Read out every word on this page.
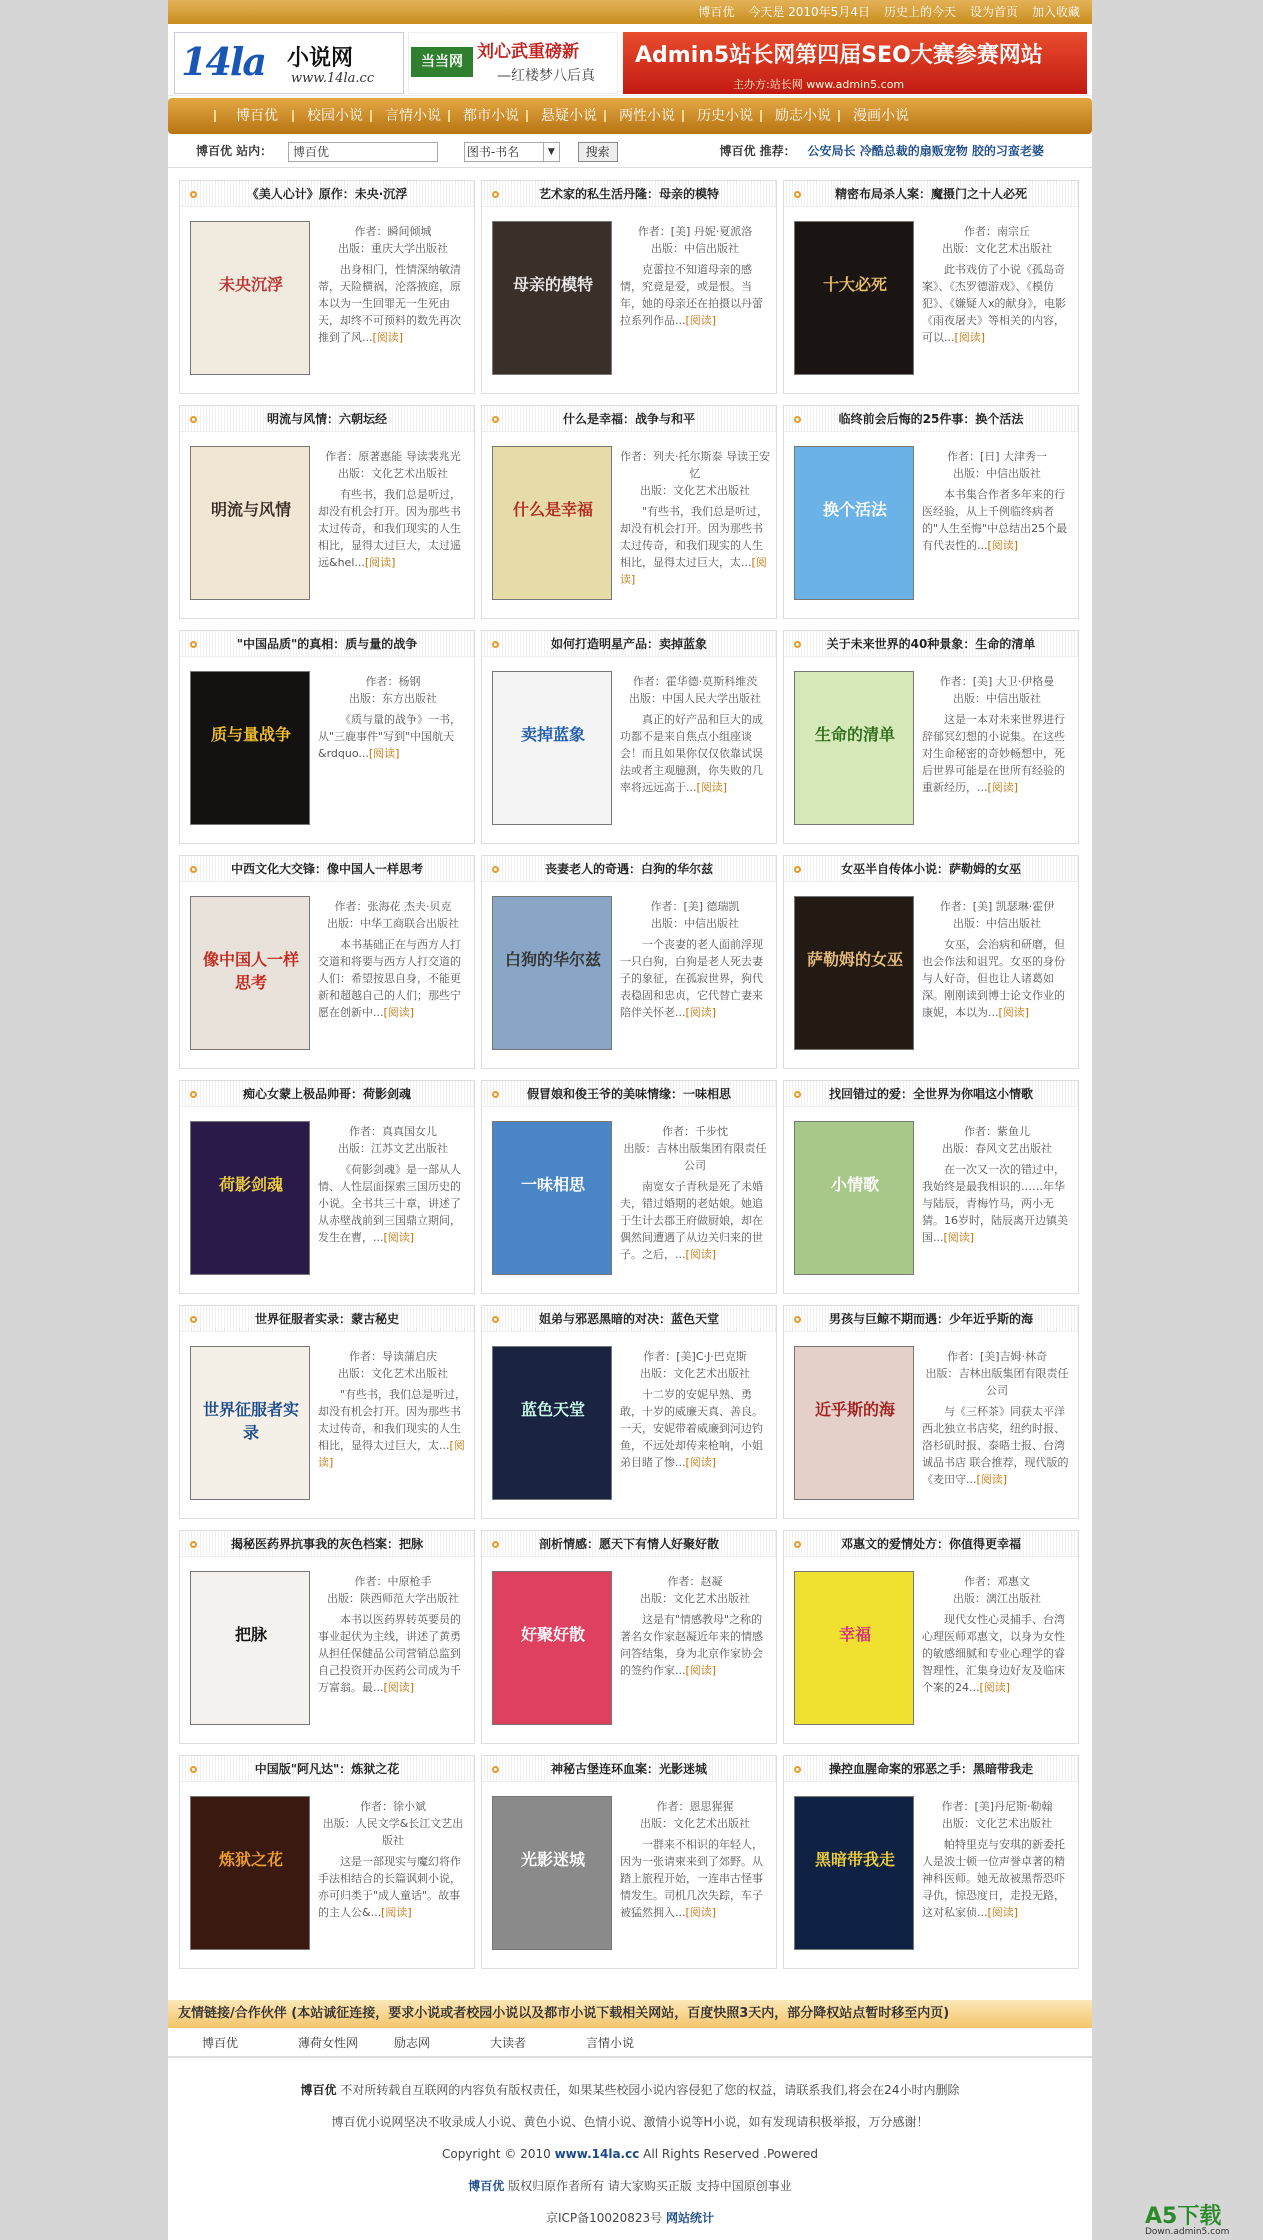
博百优 今天是 2010年5月4日 历史上的今天 设为首页 加入收藏
14la 小说网
www.14la.cc
当当网 刘心武重磅新
—红楼梦八后真
Admin5站长网第四届SEO大赛参赛网站
主办方:站长网 www.admin5.com
博百优 校园小说 言情小说 都市小说 悬疑小说 两性小说 历史小说 励志小说 漫画小说
博百优 站内： 博百优	图书-书名	▼	搜索	博百优 推荐： 公安局长 冷酷总裁的扇贩宠物 胶的习蛮老婆
《美人心计》原作：未央·沉浮
未央沉浮
作者：瞬间倾城
出版：重庆大学出版社
出身相门，性情深纳敏清蒂，天险横祸，沦落掖庭，原本以为一生回罪无一生死由天，却终不可预料的数先再次推到了风...[阅读]
艺术家的私生活丹隆：母亲的模特
母亲的模特
作者：[美] 丹妮·夏派洛
出版：中信出版社
克蕾拉不知道母亲的感情，究竟是爱，或是恨。当年，她的母亲还在拍摄以丹蕾拉系列作品...[阅读]
精密布局杀人案：魔摄门之十人必死
十大必死
作者：南宗丘
出版：文化艺术出版社
此书戏仿了小说《孤岛奇案》、《杰罗德游戏》、《模仿犯》、《嫌疑人x的献身》，电影《雨夜屠夫》等相关的内容，可以...[阅读]
明流与风情：六朝坛经
明流与风情
作者：原著惠能 导读裴兆光
出版：文化艺术出版社
有些书，我们总是听过，却没有机会打开。因为那些书太过传奇，和我们现实的人生相比，显得太过巨大，太过遥远&hel...[阅读]
什么是幸福：战争与和平
什么是幸福
作者：列夫·托尔斯泰 导读王安忆
出版：文化艺术出版社
"有些书，我们总是听过，却没有机会打开。因为那些书太过传奇，和我们现实的人生相比，显得太过巨大，太...[阅读]
临终前会后悔的25件事：换个活法
换个活法
作者：[日] 大津秀一
出版：中信出版社
本书集合作者多年来的行医经验，从上千例临终病者的"人生至悔"中总结出25个最有代表性的...[阅读]
"中国品质"的真相：质与量的战争
质与量战争
作者：杨钢
出版：东方出版社
《质与量的战争》一书，从"三鹿事件"写到"中国航天&rdquo...[阅读]
如何打造明星产品：卖掉蓝象
卖掉蓝象
作者：霍华德·莫斯科维茨
出版：中国人民大学出版社
真正的好产品和巨大的成功都不是来自焦点小组座谈会！而且如果你仅仅依靠试误法或者主观臆测，你失败的几率将远远高于...[阅读]
关于未来世界的40种景象：生命的清单
生命的清单
作者：[美] 大卫·伊格曼
出版：中信出版社
这是一本对未来世界进行辞郁冥幻想的小说集。在这些对生命秘密的奇妙畅想中，死后世界可能是在世所有经验的重新经历，...[阅读]
中西文化大交锋：像中国人一样思考
像中国人一样思考
作者：张海花 杰夫·贝克
出版：中华工商联合出版社
本书基础正在与西方人打交道和将要与西方人打交道的人们：希望按思自身，不能更新和超越自己的人们；那些宁愿在创新中...[阅读]
丧妻老人的奇遇：白狗的华尔兹
白狗的华尔兹
作者：[美] 德瑞凯
出版：中信出版社
一个丧妻的老人面前浮现一只白狗，白狗是老人死去妻子的象征，在孤寂世界，狗代表稳固和忠贞，它代替亡妻来陪伴关怀老...[阅读]
女巫半自传体小说：萨勒姆的女巫
萨勒姆的女巫
作者：[美] 凯瑟琳·霍伊
出版：中信出版社
女巫，会治病和研磨，但也会作法和诅咒。女巫的身份与人好奇，但也让人诸葛如深。刚刚读到博士论文作业的康妮，本以为...[阅读]
痴心女蒙上极品帅哥：荷影剑魂
荷影剑魂
作者：真真国女儿
出版：江苏文艺出版社
《荷影剑魂》是一部从人情、人性层面探索三国历史的小说。全书共三十章，讲述了从赤壁战前到三国鼎立期间，发生在曹，...[阅读]
假冒娘和俊王爷的美味情缘：一味相思
一味相思
作者：千步忱
出版：吉林出版集团有限责任公司
南宽女子青秋是死了未婚夫，错过婚期的老姑娘。她追于生计去郡王府做厨娘，却在偶然间遭遇了从边关归来的世子。之后，...[阅读]
找回错过的爱：全世界为你唱这小情歌
小情歌
作者：紫鱼儿
出版：春风文艺出版社
在一次又一次的错过中，我始终是最我相识的……年华与陆辰，青梅竹马，两小无猜。16岁时，陆辰离开边镇美国...[阅读]
世界征服者实录：蒙古秘史
世界征服者实录
作者：导读蒲启庆
出版：文化艺术出版社
"有些书，我们总是听过，却没有机会打开。因为那些书太过传奇，和我们现实的人生相比，显得太过巨大，太...[阅读]
姐弟与邪恶黑暗的对决：蓝色天堂
蓝色天堂
作者：[美]C·J·巴克斯
出版：文化艺术出版社
十二岁的安妮早熟、勇敢，十岁的威廉天真、善良。一天，安妮带着威廉到河边钓鱼，不远处却传来枪响，小姐弟目睹了惨...[阅读]
男孩与巨鲸不期而遇：少年近乎斯的海
近乎斯的海
作者：[美]吉姆·林奇
出版：吉林出版集团有限责任公司
与《三杯茶》同获太平洋西北独立书店奖，纽约时报、洛杉矶时报、泰晤士报、台湾诚品书店 联合推荐，现代版的《麦田守...[阅读]
揭秘医药界抗事我的灰色档案：把脉
把脉
作者：中原枪手
出版：陕西师范大学出版社
本书以医药界转英要员的事业起伏为主线，讲述了黄勇从担任保健品公司营销总监到自己投资开办医药公司成为千万富翁。最...[阅读]
剖析情感：愿天下有情人好聚好散
好聚好散
作者：赵凝
出版：文化艺术出版社
这是有"情感教母"之称的著名女作家赵凝近年来的情感问答结集，身为北京作家协会的签约作家...[阅读]
邓惠文的爱情处方：你值得更幸福
幸福
作者：邓惠文
出版：漓江出版社
现代女性心灵捕手、台湾心理医师邓惠文，以身为女性的敏感细腻和专业心理学的睿智理性，汇集身边好友及临床个案的24...[阅读]
中国版"阿凡达"：炼狱之花
炼狱之花
作者：徐小斌
出版：人民文学&长江文艺出版社
这是一部现实与魔幻将作手法相结合的长篇讽刺小说，亦可归类于"成人童话"。故事的主人公&...[阅读]
神秘古堡连环血案：光影迷城
光影迷城
作者：恩思猩猩
出版：文化艺术出版社
一群来不相识的年轻人，因为一张请柬来到了郊野。从踏上旅程开始，一连串古怪事情发生。司机几次失踪，车子被猛然拥入...[阅读]
操控血腥命案的邪恶之手：黑暗带我走
黑暗带我走
作者：[美]丹尼斯·勒翰
出版：文化艺术出版社
帕特里克与安琪的新委托人是波士顿一位声誉卓著的精神科医师。她无故被黑帮恐吓寻仇，惊恐度日，走投无路，这对私家侦...[阅读]
友情链接/合作伙伴 (本站诚征连接，要求小说或者校园小说以及都市小说下载相关网站，百度快照3天内，部分降权站点暂时移至内页)
博百优	薄荷女性网	励志网	大读者	言情小说
博百优 不对所转载自互联网的内容负有版权责任，如果某些校园小说内容侵犯了您的权益，请联系我们,将会在24小时内删除
博百优小说网坚决不收录成人小说、黄色小说、色情小说、激情小说等H小说，如有发现请积极举报，万分感谢！
Copyright © 2010 www.14la.cc All Rights Reserved .Powered
博百优 版权归原作者所有 请大家购买正版 支持中国原创事业
京ICP备10020823号 网站统计	A5下载
Down.admin5.com
